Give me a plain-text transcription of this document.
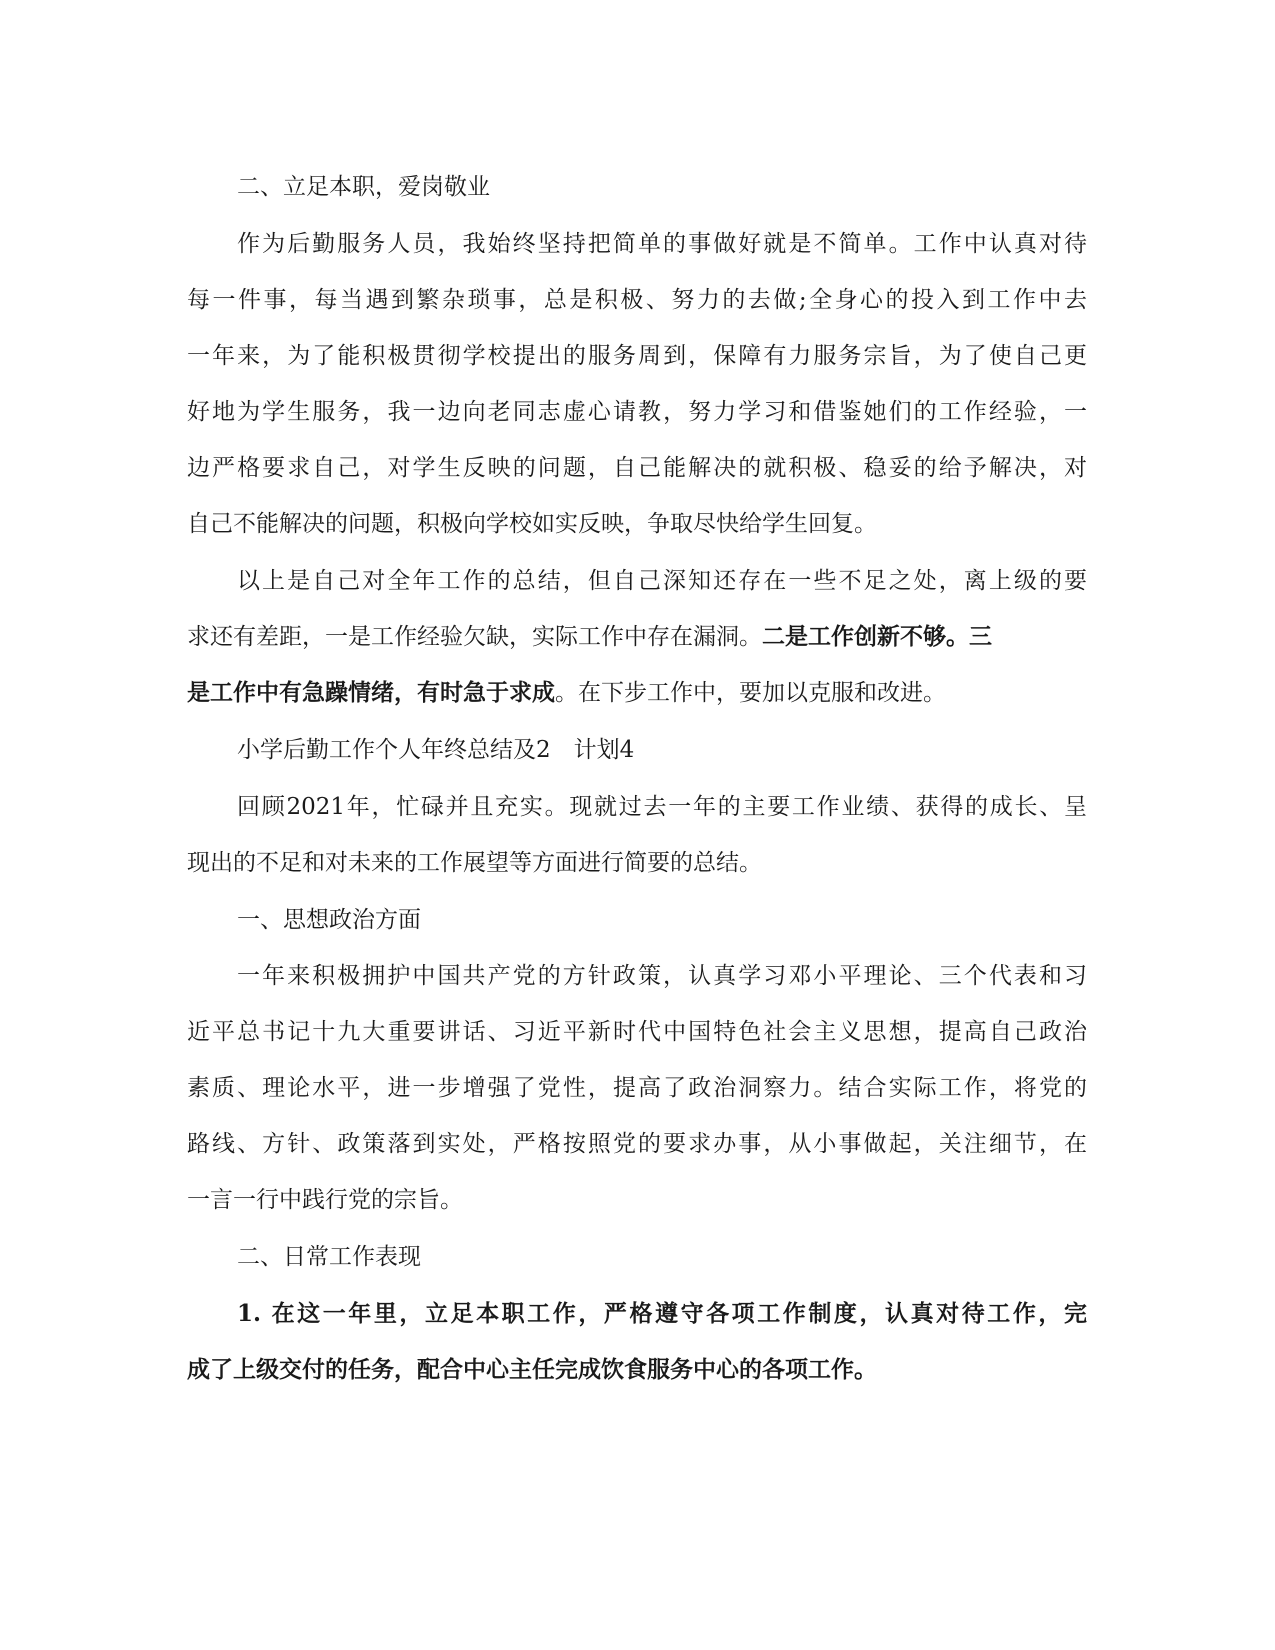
二、立足本职，爱岗敬业
作为后勤服务人员，我始终坚持把简单的事做好就是不简单。工作中认真对待
每一件事，每当遇到繁杂琐事，总是积极、努力的去做;全身心的投入到工作中去
一年来，为了能积极贯彻学校提出的服务周到，保障有力服务宗旨，为了使自己更
好地为学生服务，我一边向老同志虚心请教，努力学习和借鉴她们的工作经验，一
边严格要求自己，对学生反映的问题，自己能解决的就积极、稳妥的给予解决，对
自己不能解决的问题，积极向学校如实反映，争取尽快给学生回复。
以上是自己对全年工作的总结，但自己深知还存在一些不足之处，离上级的要
求还有差距，一是工作经验欠缺，实际工作中存在漏洞。二是工作创新不够。三
是工作中有急躁情绪，有时急于求成。在下步工作中，要加以克服和改进。
小学后勤工作个人年终总结及2　计划4
回顾2021年，忙碌并且充实。现就过去一年的主要工作业绩、获得的成长、呈
现出的不足和对未来的工作展望等方面进行简要的总结。
一、思想政治方面
一年来积极拥护中国共产党的方针政策，认真学习邓小平理论、三个代表和习
近平总书记十九大重要讲话、习近平新时代中国特色社会主义思想，提高自己政治
素质、理论水平，进一步增强了党性，提高了政治洞察力。结合实际工作，将党的
路线、方针、政策落到实处，严格按照党的要求办事，从小事做起，关注细节，在
一言一行中践行党的宗旨。
二、日常工作表现
1. 在这一年里，立足本职工作，严格遵守各项工作制度，认真对待工作，完
成了上级交付的任务，配合中心主任完成饮食服务中心的各项工作。
